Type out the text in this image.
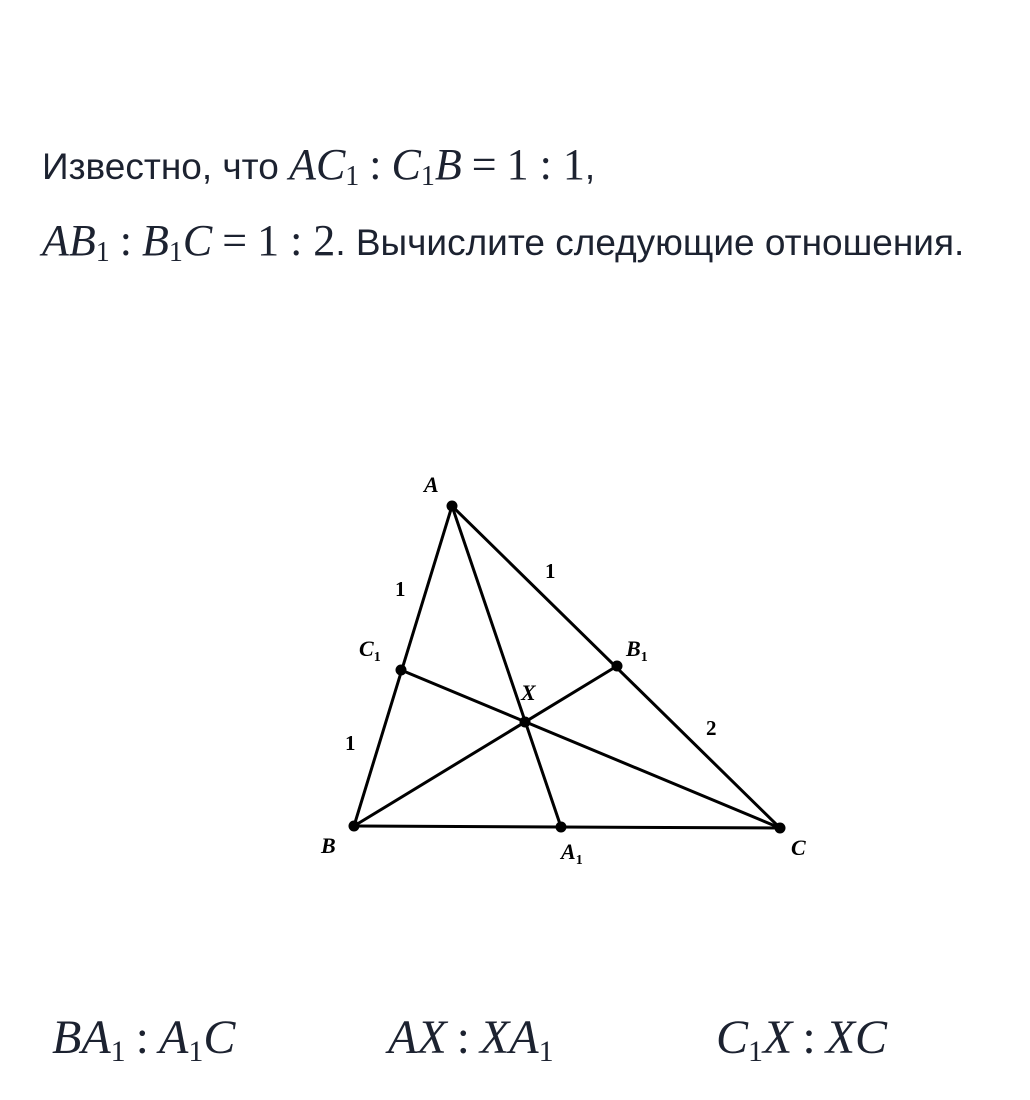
Известно, что $AC_1$ : $C_1B = 1$ : 1,
$AB_1$ : $B_1C = 1$ : 2. Вычислите следующие отношения.

A
B	C
X
$A_1$
$B_1$
$C_1$
1
1
1
2
$BA_1$ : $A_1C$	AX : $XA_1$	$C_1X$ : XC
